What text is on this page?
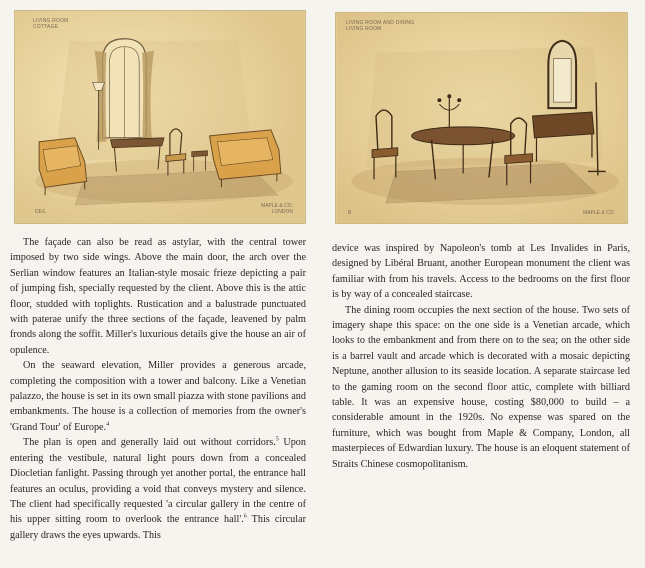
LIVING ROOM
COTTAGE
DE/L
MAPLE & CO.
LONDON
LIVING ROOM AND DINING
LIVING ROOM
B	MAPLE & CO.

The façade can also be read as astylar, with the central tower imposed by two side wings. Above the main door, the arch over the Serlian window features an Italian-style mosaic frieze depicting a pair of jumping fish, specially requested by the client. Above this is the attic floor, studded with toplights. Rustication and a balustrade punctuated with paterae unify the three sections of the façade, leavened by palm fronds along the soffit. Miller's luxurious details give the house an air of opulence.

On the seaward elevation, Miller provides a generous arcade, completing the composition with a tower and balcony. Like a Venetian palazzo, the house is set in its own small piazza with stone pavilions and embankments. The house is a collection of memories from the owner's 'Grand Tour' of Europe.$^4$

The plan is open and generally laid out without corridors.$^5$ Upon entering the vestibule, natural light pours down from a concealed Diocletian fanlight. Passing through yet another portal, the entrance hall features an oculus, providing a void that conveys mystery and silence. The client had specifically requested 'a circular gallery in the centre of his upper sitting room to overlook the entrance hall'.$^6$ This circular gallery draws the eyes upwards. This

device was inspired by Napoleon's tomb at Les Invalides in Paris, designed by Libéral Bruant, another European monument the client was familiar with from his travels. Access to the bedrooms on the first floor is by way of a concealed staircase.

The dining room occupies the next section of the house. Two sets of imagery shape this space: on the one side is a Venetian arcade, which looks to the embankment and from there on to the sea; on the other side is a barrel vault and arcade which is decorated with a mosaic depicting Neptune, another allusion to its seaside location. A separate staircase led to the gaming room on the second floor attic, complete with billiard table. It was an expensive house, costing $80,000 to build – a considerable amount in the 1920s. No expense was spared on the furniture, which was bought from Maple & Company, London, all masterpieces of Edwardian luxury. The house is an eloquent statement of Straits Chinese cosmopolitanism.
